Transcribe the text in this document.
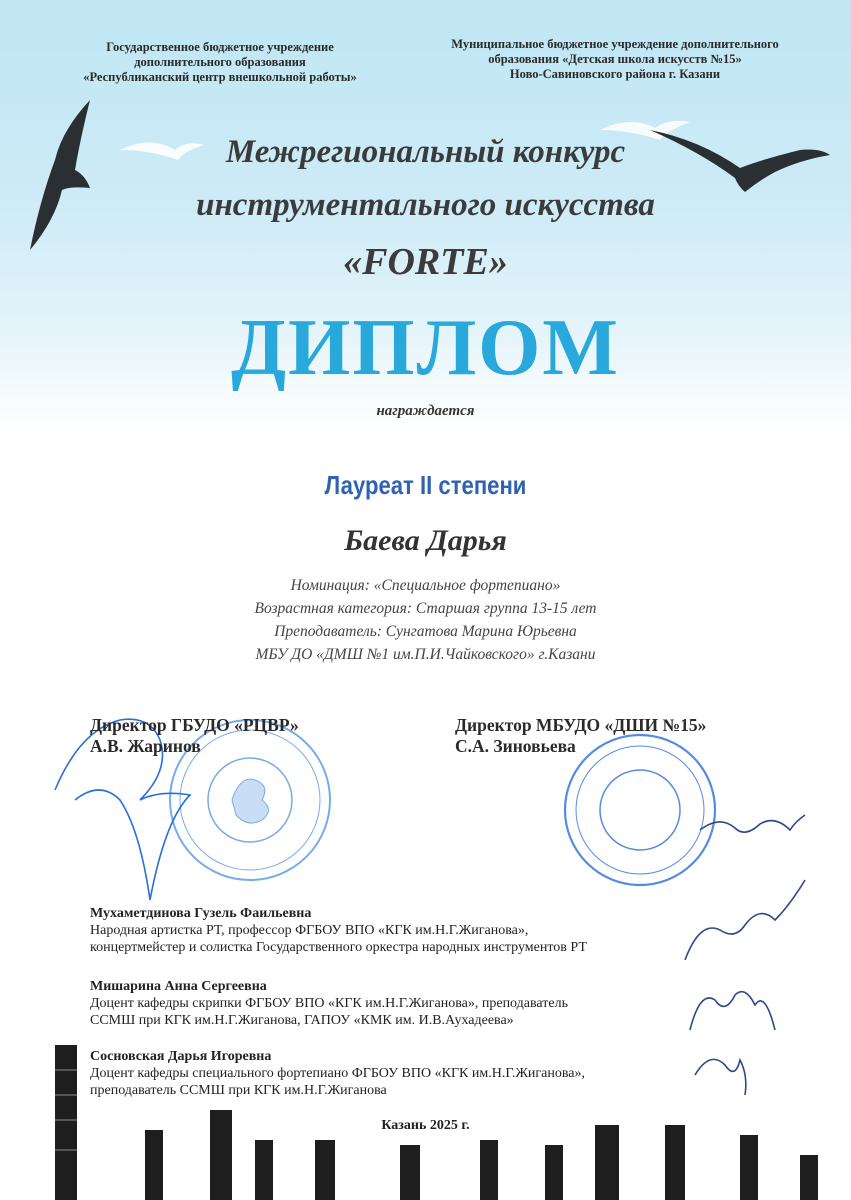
Государственное бюджетное учреждение
дополнительного образования
«Республиканский центр внешкольной работы»
Муниципальное бюджетное учреждение дополнительного
образования «Детская школа искусств №15»
Ново-Савиновского района г. Казани
Межрегиональный конкурс
инструментального искусства
«FORTE»
ДИПЛОМ
награждается
Лауреат II степени
Баева Дарья
Номинация: «Специальное фортепиано»
Возрастная категория: Старшая группа 13-15 лет
Преподаватель: Сунгатова Марина Юрьевна
МБУ ДО «ДМШ №1 им.П.И.Чайковского» г.Казани
Директор ГБУДО «РЦВР»
А.В. Жаринов
Директор МБУДО «ДШИ №15»
С.А. Зиновьева
Мухаметдинова Гузель Фаильевна
Народная артистка РТ, профессор ФГБОУ ВПО «КГК им.Н.Г.Жиганова»,
концертмейстер и солистка Государственного оркестра народных инструментов РТ
Мишарина Анна Сергеевна
Доцент кафедры скрипки ФГБОУ ВПО «КГК им.Н.Г.Жиганова», преподаватель
ССМШ при КГК им.Н.Г.Жиганова, ГАПОУ «КМК им. И.В.Аухадеева»
Сосновская Дарья Игоревна
Доцент кафедры специального фортепиано ФГБОУ ВПО «КГК им.Н.Г.Жиганова»,
преподаватель ССМШ при КГК им.Н.Г.Жиганова
Казань 2025 г.
